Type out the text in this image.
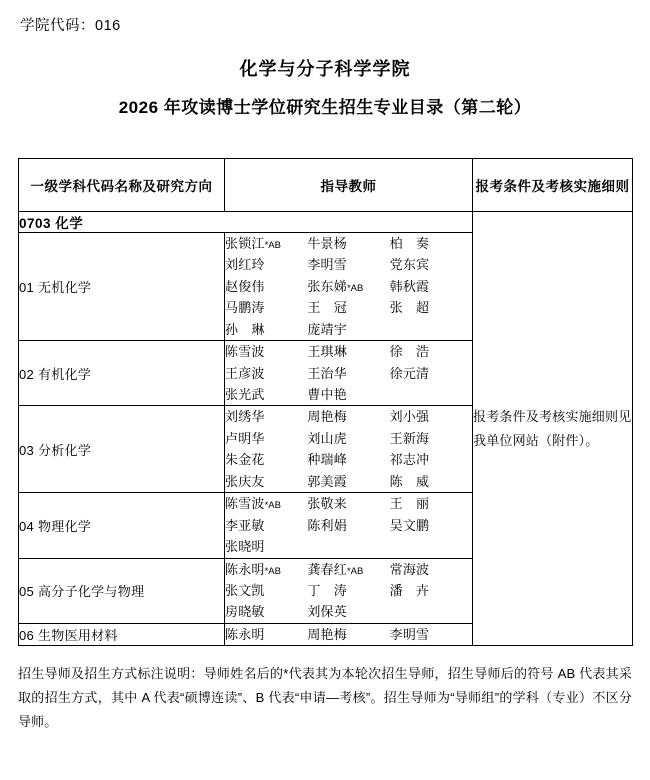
学院代码：016
化学与分子科学学院
2026 年攻读博士学位研究生招生专业目录（第二轮）
一级学科代码名称及研究方向	指导教师	报考条件及考核实施细则
0703 化学		报考条件及考核实施细则见我单位网站（附件）。
01 无机化学	
张锁江*AB	牛景杨	柏　奏
刘红玲	李明雪	党东宾
赵俊伟	张东娣*AB	韩秋霞
马鹏涛	王　冠	张　超
孙　琳	庞靖宇

02 有机化学	
陈雪波	王琪琳	徐　浩
王彦波	王治华	徐元清
张光武	曹中艳

03 分析化学	
刘绣华	周艳梅	刘小强
卢明华	刘山虎	王新海
朱金花	种瑞峰	祁志冲
张庆友	郭美霞	陈　威

04 物理化学	
陈雪波*AB	张敬来	王　丽
李亚敏	陈利娟	吴文鹏
张晓明

05 高分子化学与物理	
陈永明*AB	龚春红*AB	常海波
张文凯	丁　涛	潘　卉
房晓敏	刘保英

06 生物医用材料	陈永明 周艳梅 李明雪	
招生导师及招生方式标注说明：导师姓名后的*代表其为本轮次招生导师，招生导师后的符号 AB 代表其采取的招生方式，其中 A 代表“硕博连读”、B 代表“申请—考核”。招生导师为“导师组”的学科（专业）不区分导师。
